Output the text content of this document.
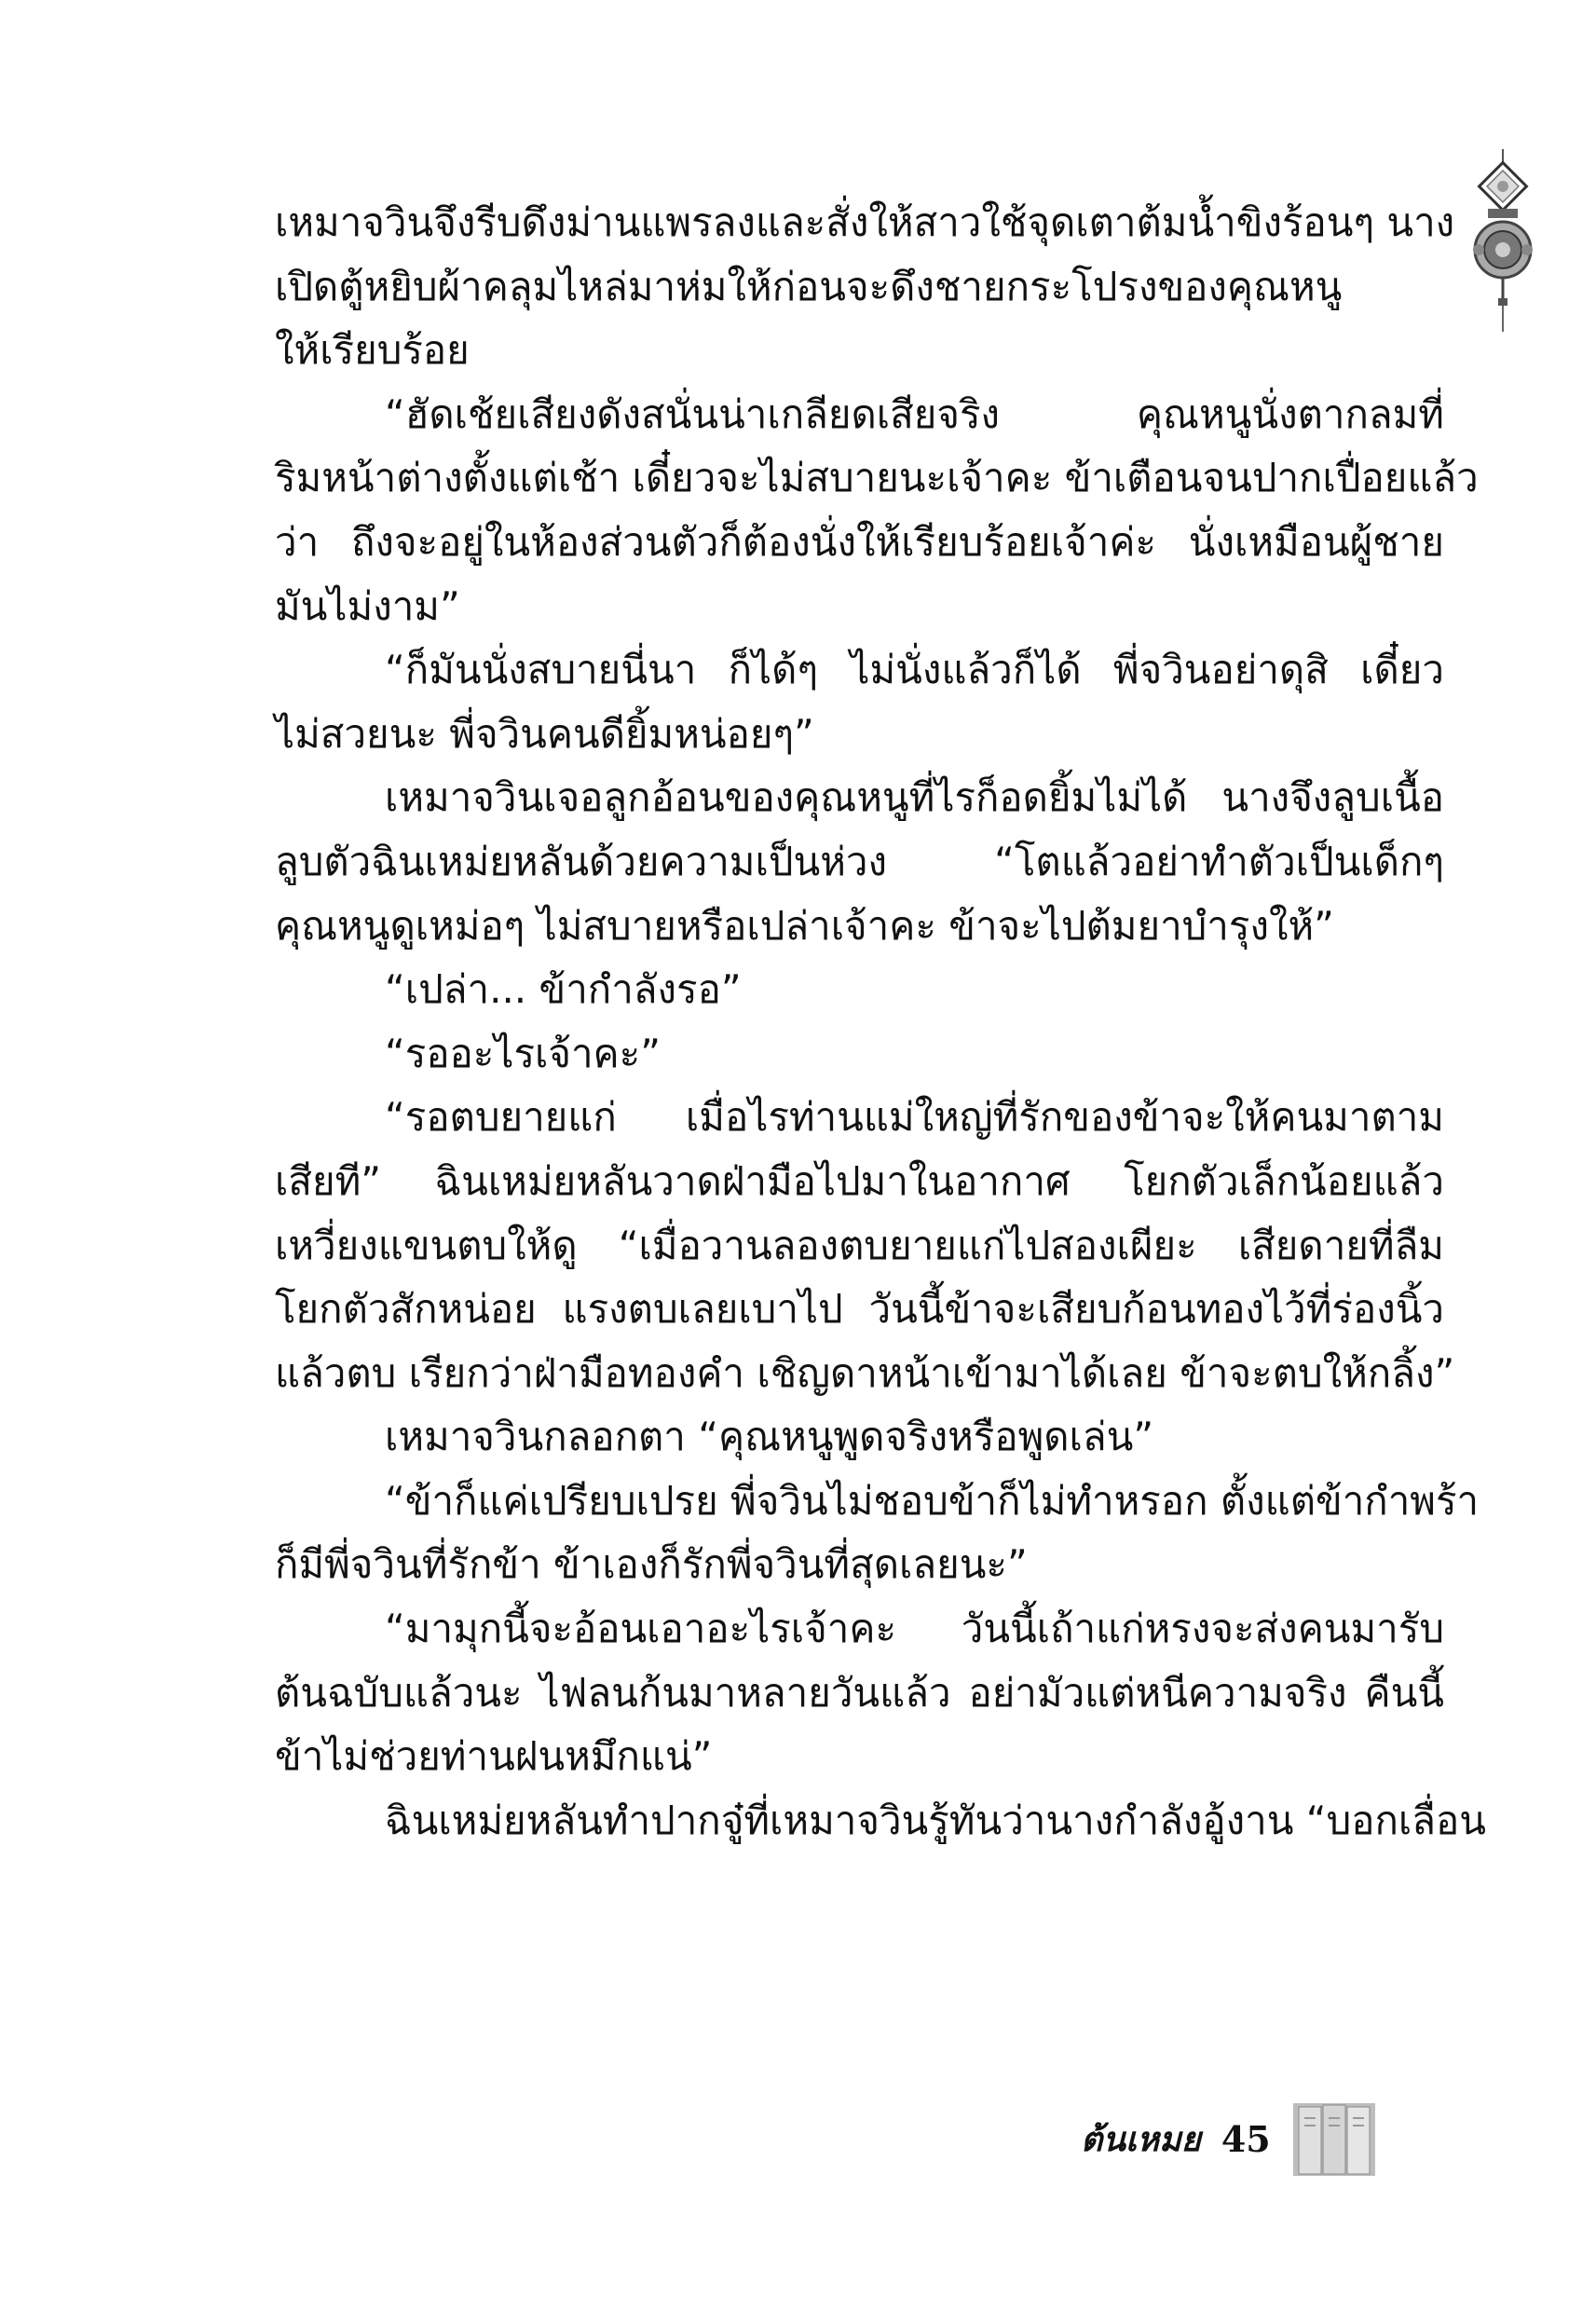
เหมาจวินจึงรีบดึงม่านแพรลงและสั่งให้สาวใช้จุดเตาต้มน้ำขิงร้อนๆ นาง
เปิดตู้หยิบผ้าคลุมไหล่มาห่มให้ก่อนจะดึงชายกระโปรงของคุณหนู
ให้เรียบร้อย
“ฮัดเช้ยเสียงดังสนั่นน่าเกลียดเสียจริง คุณหนูนั่งตากลมที่
ริมหน้าต่างตั้งแต่เช้า เดี๋ยวจะไม่สบายนะเจ้าคะ ข้าเตือนจนปากเปื่อยแล้ว
ว่า ถึงจะอยู่ในห้องส่วนตัวก็ต้องนั่งให้เรียบร้อยเจ้าค่ะ นั่งเหมือนผู้ชาย
มันไม่งาม”
“ก็มันนั่งสบายนี่นา ก็ได้ๆ ไม่นั่งแล้วก็ได้ พี่จวินอย่าดุสิ เดี๋ยว
ไม่สวยนะ พี่จวินคนดียิ้มหน่อยๆ”
เหมาจวินเจอลูกอ้อนของคุณหนูที่ไรก็อดยิ้มไม่ได้ นางจึงลูบเนื้อ
ลูบตัวฉินเหม่ยหลันด้วยความเป็นห่วง “โตแล้วอย่าทำตัวเป็นเด็กๆ
คุณหนูดูเหม่อๆ ไม่สบายหรือเปล่าเจ้าคะ ข้าจะไปต้มยาบำรุงให้”
“เปล่า... ข้ากำลังรอ”
“รออะไรเจ้าคะ”
“รอตบยายแก่ เมื่อไรท่านแม่ใหญ่ที่รักของข้าจะให้คนมาตาม
เสียที” ฉินเหม่ยหลันวาดฝ่ามือไปมาในอากาศ โยกตัวเล็กน้อยแล้ว
เหวี่ยงแขนตบให้ดู “เมื่อวานลองตบยายแก่ไปสองเผียะ เสียดายที่ลืม
โยกตัวสักหน่อย แรงตบเลยเบาไป วันนี้ข้าจะเสียบก้อนทองไว้ที่ร่องนิ้ว
แล้วตบ เรียกว่าฝ่ามือทองคำ เชิญดาหน้าเข้ามาได้เลย ข้าจะตบให้กลิ้ง”
เหมาจวินกลอกตา “คุณหนูพูดจริงหรือพูดเล่น”
“ข้าก็แค่เปรียบเปรย พี่จวินไม่ชอบข้าก็ไม่ทำหรอก ตั้งแต่ข้ากำพร้า
ก็มีพี่จวินที่รักข้า ข้าเองก็รักพี่จวินที่สุดเลยนะ”
“มามุกนี้จะอ้อนเอาอะไรเจ้าคะ วันนี้เถ้าแก่หรงจะส่งคนมารับ
ต้นฉบับแล้วนะ ไฟลนก้นมาหลายวันแล้ว อย่ามัวแต่หนีความจริง คืนนี้
ข้าไม่ช่วยท่านฝนหมึกแน่”
ฉินเหม่ยหลันทำปากจู๋ที่เหมาจวินรู้ทันว่านางกำลังอู้งาน “บอกเลื่อน
ต้นเหมย 45
